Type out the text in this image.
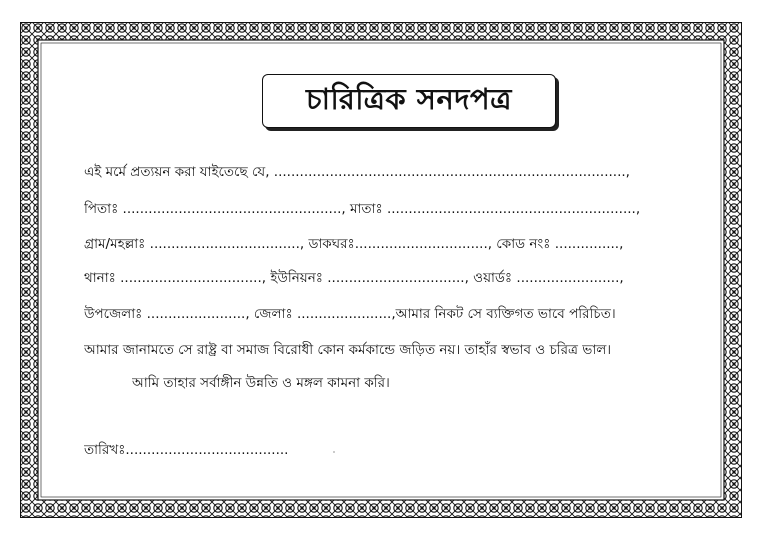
চারিত্রিক সনদপত্র
এই মর্মে প্রত্যয়ন করা যাইতেছে যে, ..................................................................................,
পিতাঃ ..................................................., মাতাঃ ..........................................................,
গ্রাম/মহল্লাঃ ..................................., ডাকঘরঃ..............................., কোড নংঃ ...............,
থানাঃ ................................., ইউনিয়নঃ ................................, ওয়ার্ডঃ ........................,
উপজেলাঃ ......................., জেলাঃ ......................,আমার নিকট সে ব্যক্তিগত ভাবে পরিচিত।
আমার জানামতে সে রাষ্ট্র বা সমাজ বিরোধী কোন কর্মকান্ডে জড়িত নয়। তাহাঁর স্বভাব ও চরিত্র ভাল।
আমি তাহার সর্বাঙ্গীন উন্নতি ও মঙ্গল কামনা করি।
তারিখঃ......................................
